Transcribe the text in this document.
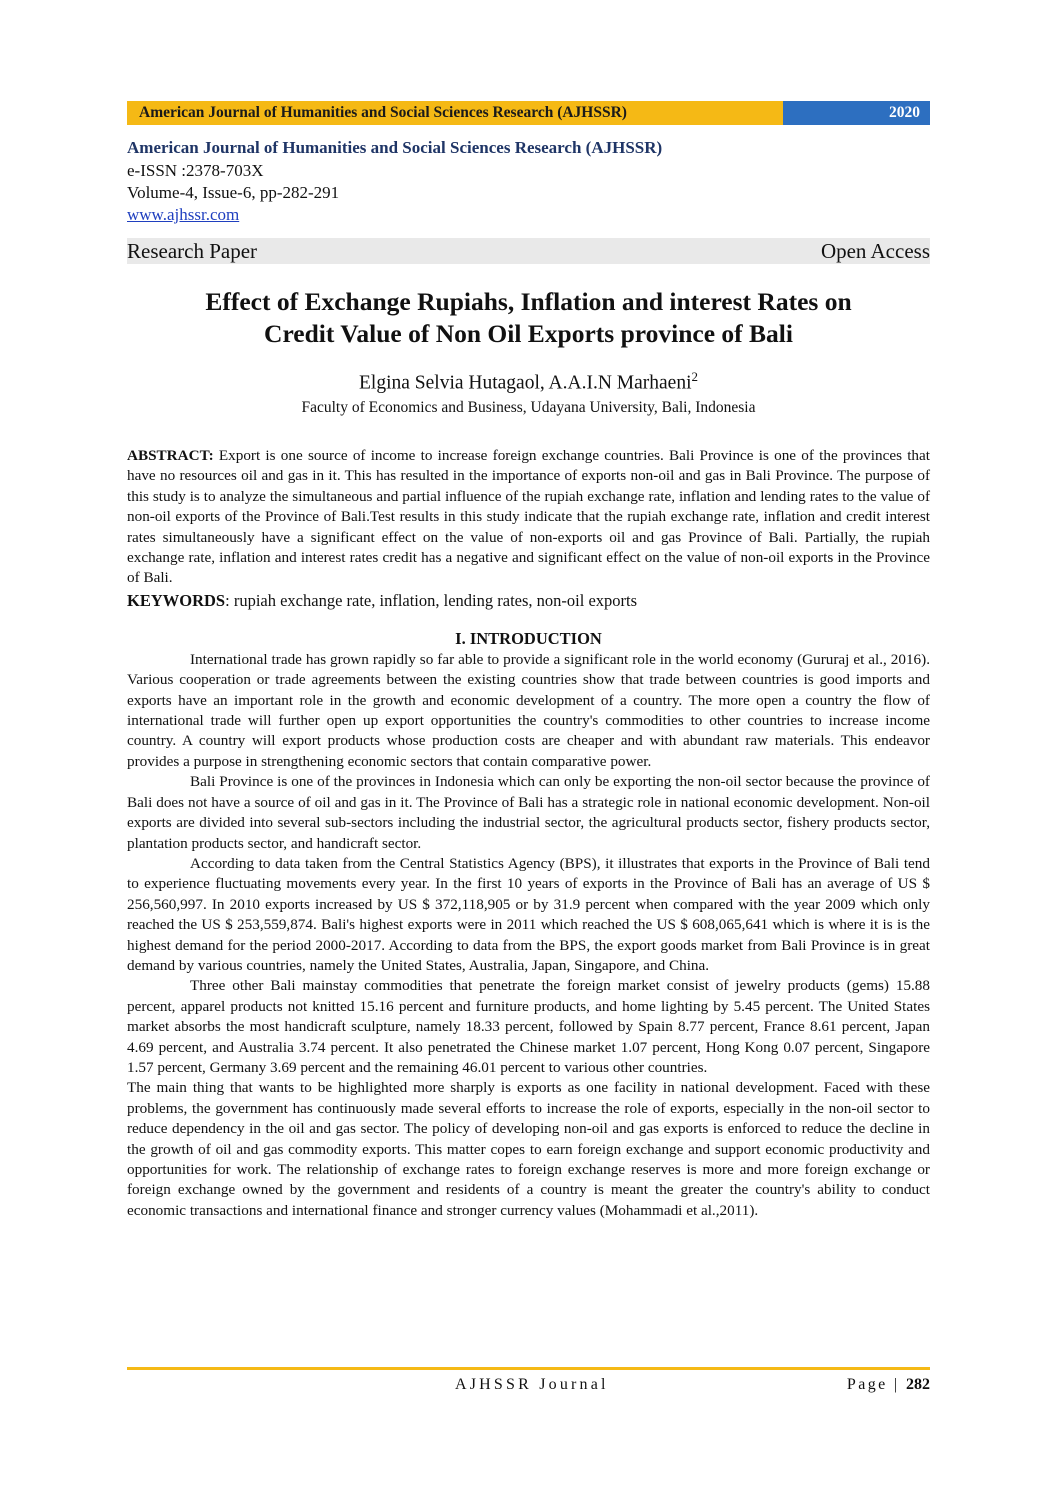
American Journal of Humanities and Social Sciences Research (AJHSSR)	2020
American Journal of Humanities and Social Sciences Research (AJHSSR)
e-ISSN :2378-703X
Volume-4, Issue-6, pp-282-291
www.ajhssr.com
Research Paper	Open Access
Effect of Exchange Rupiahs, Inflation and interest Rates on
Credit Value of Non Oil Exports province of Bali
Elgina Selvia Hutagaol, A.A.I.N Marhaeni$^2$
Faculty of Economics and Business, Udayana University, Bali, Indonesia

ABSTRACT: Export is one source of income to increase foreign exchange countries. Bali Province is one of the provinces that have no resources oil and gas in it. This has resulted in the importance of exports non-oil and gas in Bali Province. The purpose of this study is to analyze the simultaneous and partial influence of the rupiah exchange rate, inflation and lending rates to the value of non-oil exports of the Province of Bali.Test results in this study indicate that the rupiah exchange rate, inflation and credit interest rates simultaneously have a significant effect on the value of non-exports oil and gas Province of Bali. Partially, the rupiah exchange rate, inflation and interest rates credit has a negative and significant effect on the value of non-oil exports in the Province of Bali.

KEYWORDS: rupiah exchange rate, inflation, lending rates, non-oil exports

I. INTRODUCTION

International trade has grown rapidly so far able to provide a significant role in the world economy (Gururaj et al., 2016). Various cooperation or trade agreements between the existing countries show that trade between countries is good imports and exports have an important role in the growth and economic development of a country. The more open a country the flow of international trade will further open up export opportunities the country's commodities to other countries to increase income country. A country will export products whose production costs are cheaper and with abundant raw materials. This endeavor provides a purpose in strengthening economic sectors that contain comparative power.

Bali Province is one of the provinces in Indonesia which can only be exporting the non-oil sector because the province of Bali does not have a source of oil and gas in it. The Province of Bali has a strategic role in national economic development. Non-oil exports are divided into several sub-sectors including the industrial sector, the agricultural products sector, fishery products sector, plantation products sector, and handicraft sector.

According to data taken from the Central Statistics Agency (BPS), it illustrates that exports in the Province of Bali tend to experience fluctuating movements every year. In the first 10 years of exports in the Province of Bali has an average of US $ 256,560,997. In 2010 exports increased by US $ 372,118,905 or by 31.9 percent when compared with the year 2009 which only reached the US $ 253,559,874. Bali's highest exports were in 2011 which reached the US $ 608,065,641 which is where it is is the highest demand for the period 2000-2017. According to data from the BPS, the export goods market from Bali Province is in great demand by various countries, namely the United States, Australia, Japan, Singapore, and China.

Three other Bali mainstay commodities that penetrate the foreign market consist of jewelry products (gems) 15.88 percent, apparel products not knitted 15.16 percent and furniture products, and home lighting by 5.45 percent. The United States market absorbs the most handicraft sculpture, namely 18.33 percent, followed by Spain 8.77 percent, France 8.61 percent, Japan 4.69 percent, and Australia 3.74 percent. It also penetrated the Chinese market 1.07 percent, Hong Kong 0.07 percent, Singapore 1.57 percent, Germany 3.69 percent and the remaining 46.01 percent to various other countries.

The main thing that wants to be highlighted more sharply is exports as one facility in national development. Faced with these problems, the government has continuously made several efforts to increase the role of exports, especially in the non-oil sector to reduce dependency in the oil and gas sector. The policy of developing non-oil and gas exports is enforced to reduce the decline in the growth of oil and gas commodity exports. This matter copes to earn foreign exchange and support economic productivity and opportunities for work. The relationship of exchange rates to foreign exchange reserves is more and more foreign exchange or foreign exchange owned by the government and residents of a country is meant the greater the country's ability to conduct economic transactions and international finance and stronger currency values (Mohammadi et al.,2011).

AJHSSR Journal	Page | 282
